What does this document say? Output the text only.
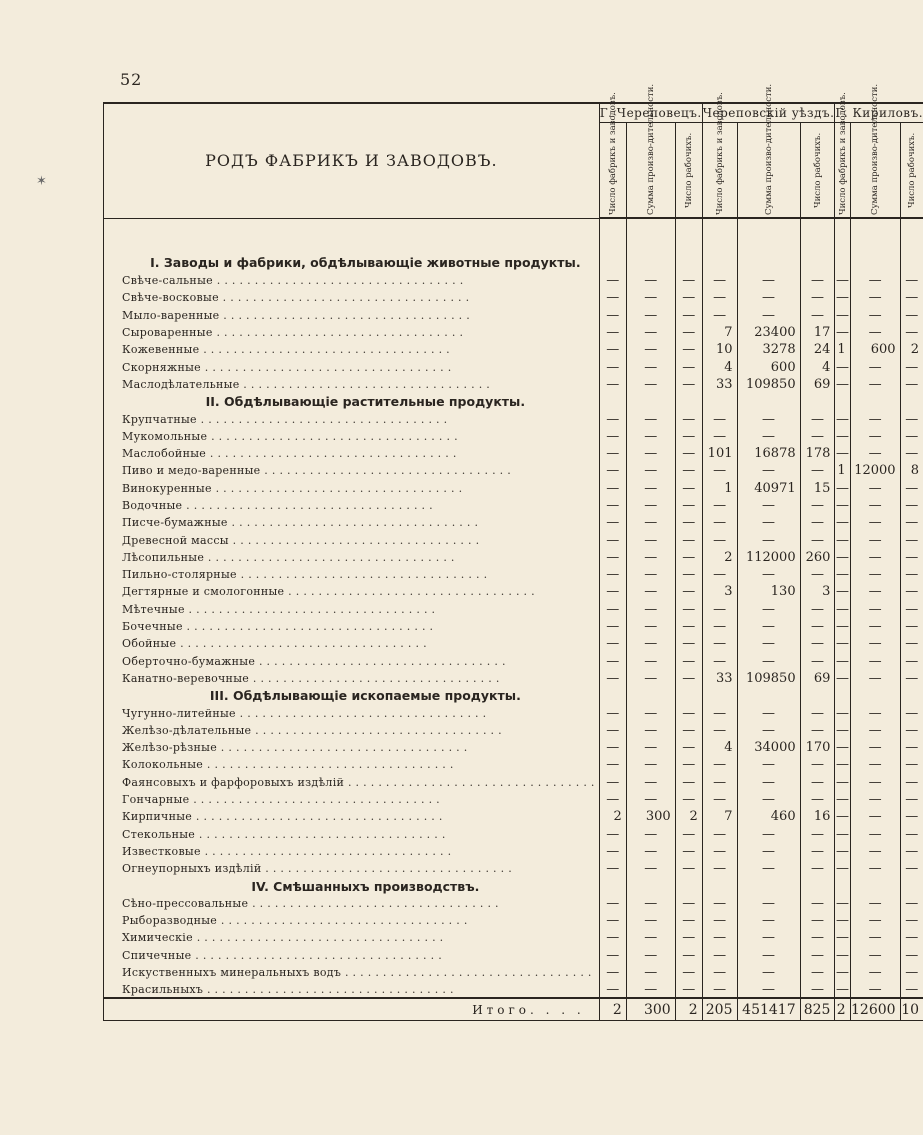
52
✶
РОДЪ ФАБРИКЪ И ЗАВОДОВЪ.	Г. Череповецъ.			Череповскій уѣздъ.			Г. Кириловъ.		

	Число фабрикъ и заводовъ.	Сумма произво-дительности.	Число рабочихъ.	Число фабрикъ и заводовъ.	Сумма произво-дительности.	Число рабочихъ.	Число фабрикъ и заводовъ.	Сумма произво-дительности.	Число рабочихъ.

I. Заводы и фабрики, обдѣлывающіе животные продукты.									
Свѣче-сальные . . .	—	—	—	—	—	—	—	—	—
Свѣче-восковые . . .	—	—	—	—	—	—	—	—	—
Мыло-варенные . . .	—	—	—	—	—	—	—	—	—
Сыроваренные . . .	—	—	—	7	23400	17	—	—	—
Кожевенные . . .	—	—	—	10	3278	24	1	600	2
Скорняжные . . .	—	—	—	4	600	4	—	—	—
Маслодѣлательные . . .	—	—	—	33	109850	69	—	—	—
II. Обдѣлывающіе растительные продукты.									
Крупчатные . . .	—	—	—	—	—	—	—	—	—
Мукомольные . . .	—	—	—	—	—	—	—	—	—
Маслобойные . . .	—	—	—	101	16878	178	—	—	—
Пиво и медо-варенные . . .	—	—	—	—	—	—	1	12000	8
Винокуренные . . .	—	—	—	1	40971	15	—	—	—
Водочные . . .	—	—	—	—	—	—	—	—	—
Писче-бумажные . . .	—	—	—	—	—	—	—	—	—
Древесной массы . . .	—	—	—	—	—	—	—	—	—
Лѣсопильные . . .	—	—	—	2	112000	260	—	—	—
Пильно-столярные . . .	—	—	—	—	—	—	—	—	—
Дегтярные и смологонные . . .	—	—	—	3	130	3	—	—	—
Мѣтечные . . .	—	—	—	—	—	—	—	—	—
Бочечные . . .	—	—	—	—	—	—	—	—	—
Обойные . . .	—	—	—	—	—	—	—	—	—
Оберточно-бумажные . . .	—	—	—	—	—	—	—	—	—
Канатно-веревочные . . .	—	—	—	33	109850	69	—	—	—
III. Обдѣлывающіе ископаемые продукты.									
Чугунно-литейные . . .	—	—	—	—	—	—	—	—	—
Желѣзо-дѣлательные . . .	—	—	—	—	—	—	—	—	—
Желѣзо-рѣзные . . .	—	—	—	4	34000	170	—	—	—
Колокольные . . .	—	—	—	—	—	—	—	—	—
Фаянсовыхъ и фарфоровыхъ издѣлій . . .	—	—	—	—	—	—	—	—	—
Гончарные . . .	—	—	—	—	—	—	—	—	—
Кирпичные . . .	2	300	2	7	460	16	—	—	—
Стекольные . . .	—	—	—	—	—	—	—	—	—
Известковые . . .	—	—	—	—	—	—	—	—	—
Огнеупорныхъ издѣлій . . .	—	—	—	—	—	—	—	—	—
IV. Смѣшанныхъ производствъ.									
Сѣно-прессовальные . . .	—	—	—	—	—	—	—	—	—
Рыборазводные . . .	—	—	—	—	—	—	—	—	—
Химическіе . . .	—	—	—	—	—	—	—	—	—
Спичечные . . .	—	—	—	—	—	—	—	—	—
Искуственныхъ минеральныхъ водъ . . .	—	—	—	—	—	—	—	—	—
Красильныхъ . . .	—	—	—	—	—	—	—	—	—
Итого. . . .	2	300	2	205	451417	825	2	12600	10
